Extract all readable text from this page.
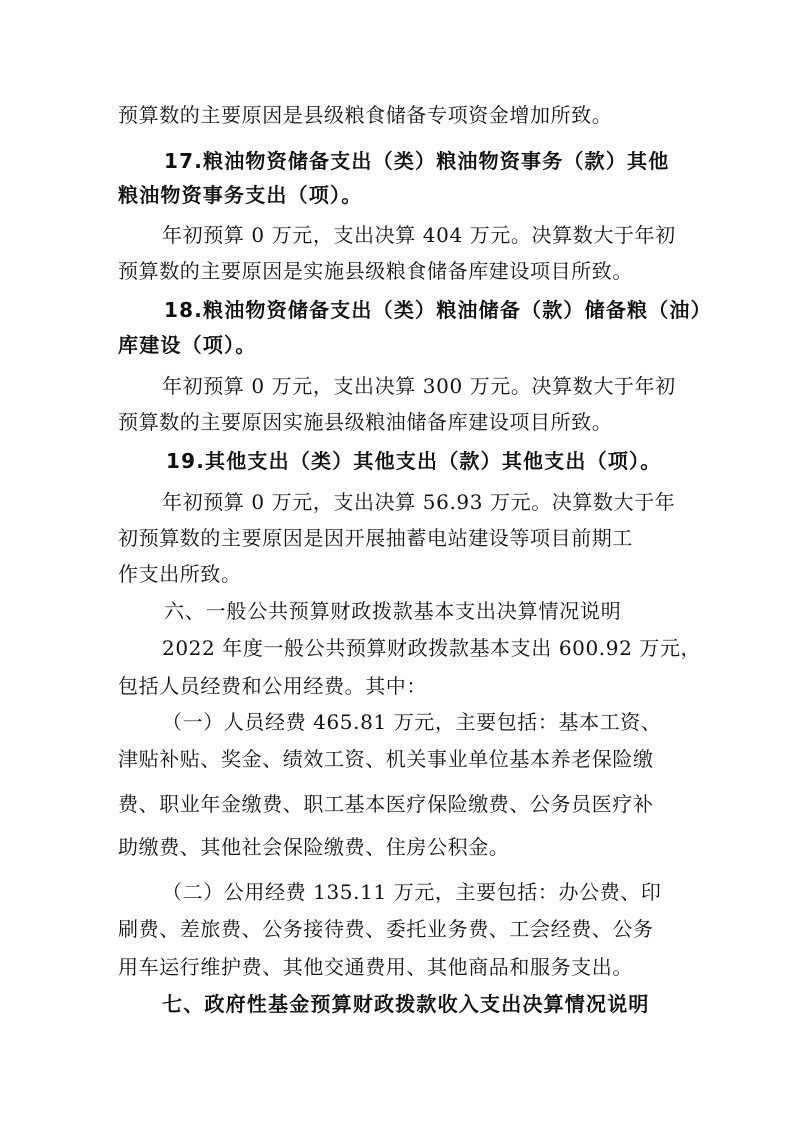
预算数的主要原因是县级粮食储备专项资金增加所致。
17.粮油物资储备支出（类）粮油物资事务（款）其他
粮油物资事务支出（项）。
年初预算 0 万元，支出决算 404 万元。决算数大于年初
预算数的主要原因是实施县级粮食储备库建设项目所致。
18.粮油物资储备支出（类）粮油储备（款）储备粮（油）
库建设（项）。
年初预算 0 万元，支出决算 300 万元。决算数大于年初
预算数的主要原因实施县级粮油储备库建设项目所致。
19.其他支出（类）其他支出（款）其他支出（项）。
年初预算 0 万元，支出决算 56.93 万元。决算数大于年
初预算数的主要原因是因开展抽蓄电站建设等项目前期工
作支出所致。
六、一般公共预算财政拨款基本支出决算情况说明
2022 年度一般公共预算财政拨款基本支出 600.92 万元，
包括人员经费和公用经费。其中：
（一）人员经费 465.81 万元，主要包括：基本工资、
津贴补贴、奖金、绩效工资、机关事业单位基本养老保险缴
费、职业年金缴费、职工基本医疗保险缴费、公务员医疗补
助缴费、其他社会保险缴费、住房公积金。
（二）公用经费 135.11 万元，主要包括：办公费、印
刷费、差旅费、公务接待费、委托业务费、工会经费、公务
用车运行维护费、其他交通费用、其他商品和服务支出。
七、政府性基金预算财政拨款收入支出决算情况说明
